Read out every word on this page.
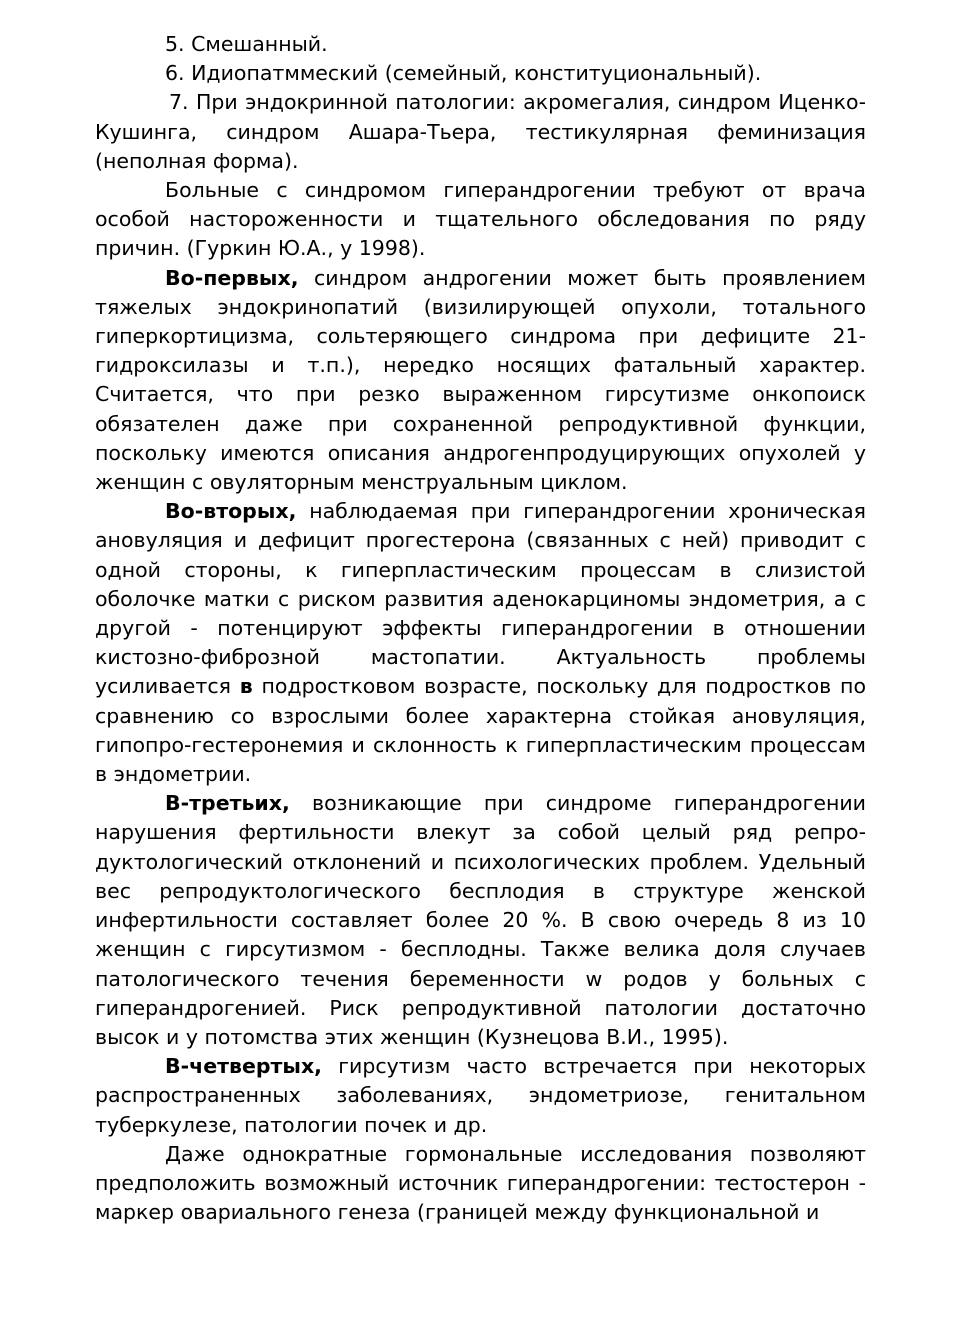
5. Смешанный.

6. Идиопатммеский (семейный, конституциональный).

7. При эндокринной патологии: акромегалия, синдром Иценко-Кушинга, синдром Ашара-Тьера, тестикулярная феминизация (неполная форма).

Больные с синдромом гиперандрогении требуют от врача особой настороженности и тщательного обследования по ряду причин. (Гуркин Ю.А., у 1998).

Во-первых, синдром андрогении может быть проявлением тяжелых эндокринопатий (визилирующей опухоли, тотального гиперкортицизма, сольтеряющего синдрома при дефиците 21-гидроксилазы и т.п.), нередко носящих фатальный характер. Считается, что при резко выраженном гирсутизме онкопоиск обязателен даже при сохраненной репродуктивной функции, поскольку имеются описания андрогенпродуцирующих опухолей у женщин с овуляторным менструальным циклом.

Во-вторых, наблюдаемая при гиперандрогении хроническая ановуляция и дефицит прогестерона (связанных с ней) приводит с одной стороны, к гиперпластическим процессам в слизистой оболочке матки с риском развития аденокарциномы эндометрия, а с другой - потенцируют эффекты гиперандрогении в отношении кистозно-фиброзной мастопатии. Актуальность проблемы усиливается в подростковом возрасте, поскольку для подростков по сравнению со взрослыми более характерна стойкая ановуляция, гипопро-гестеронемия и склонность к гиперпластическим процессам в эндометрии.

В-третьих, возникающие при синдроме гиперандрогении нарушения фертильности влекут за собой целый ряд репро-дуктологический отклонений и психологических проблем. Удельный вес репродуктологического бесплодия в структуре женской инфертильности составляет более 20 %. В свою очередь 8 из 10 женщин с гирсутизмом - бесплодны. Также велика доля случаев патологического течения беременности w родов у больных с гиперандрогенией. Риск репродуктивной патологии достаточно высок и у потомства этих женщин (Кузнецова В.И., 1995).

В-четвертых, гирсутизм часто встречается при некоторых распространенных заболеваниях, эндометриозе, генитальном туберкулезе, патологии почек и др.

Даже однократные гормональные исследования позволяют предположить возможный источник гиперандрогении: тестостерон - маркер овариального генеза (границей между функциональной и
